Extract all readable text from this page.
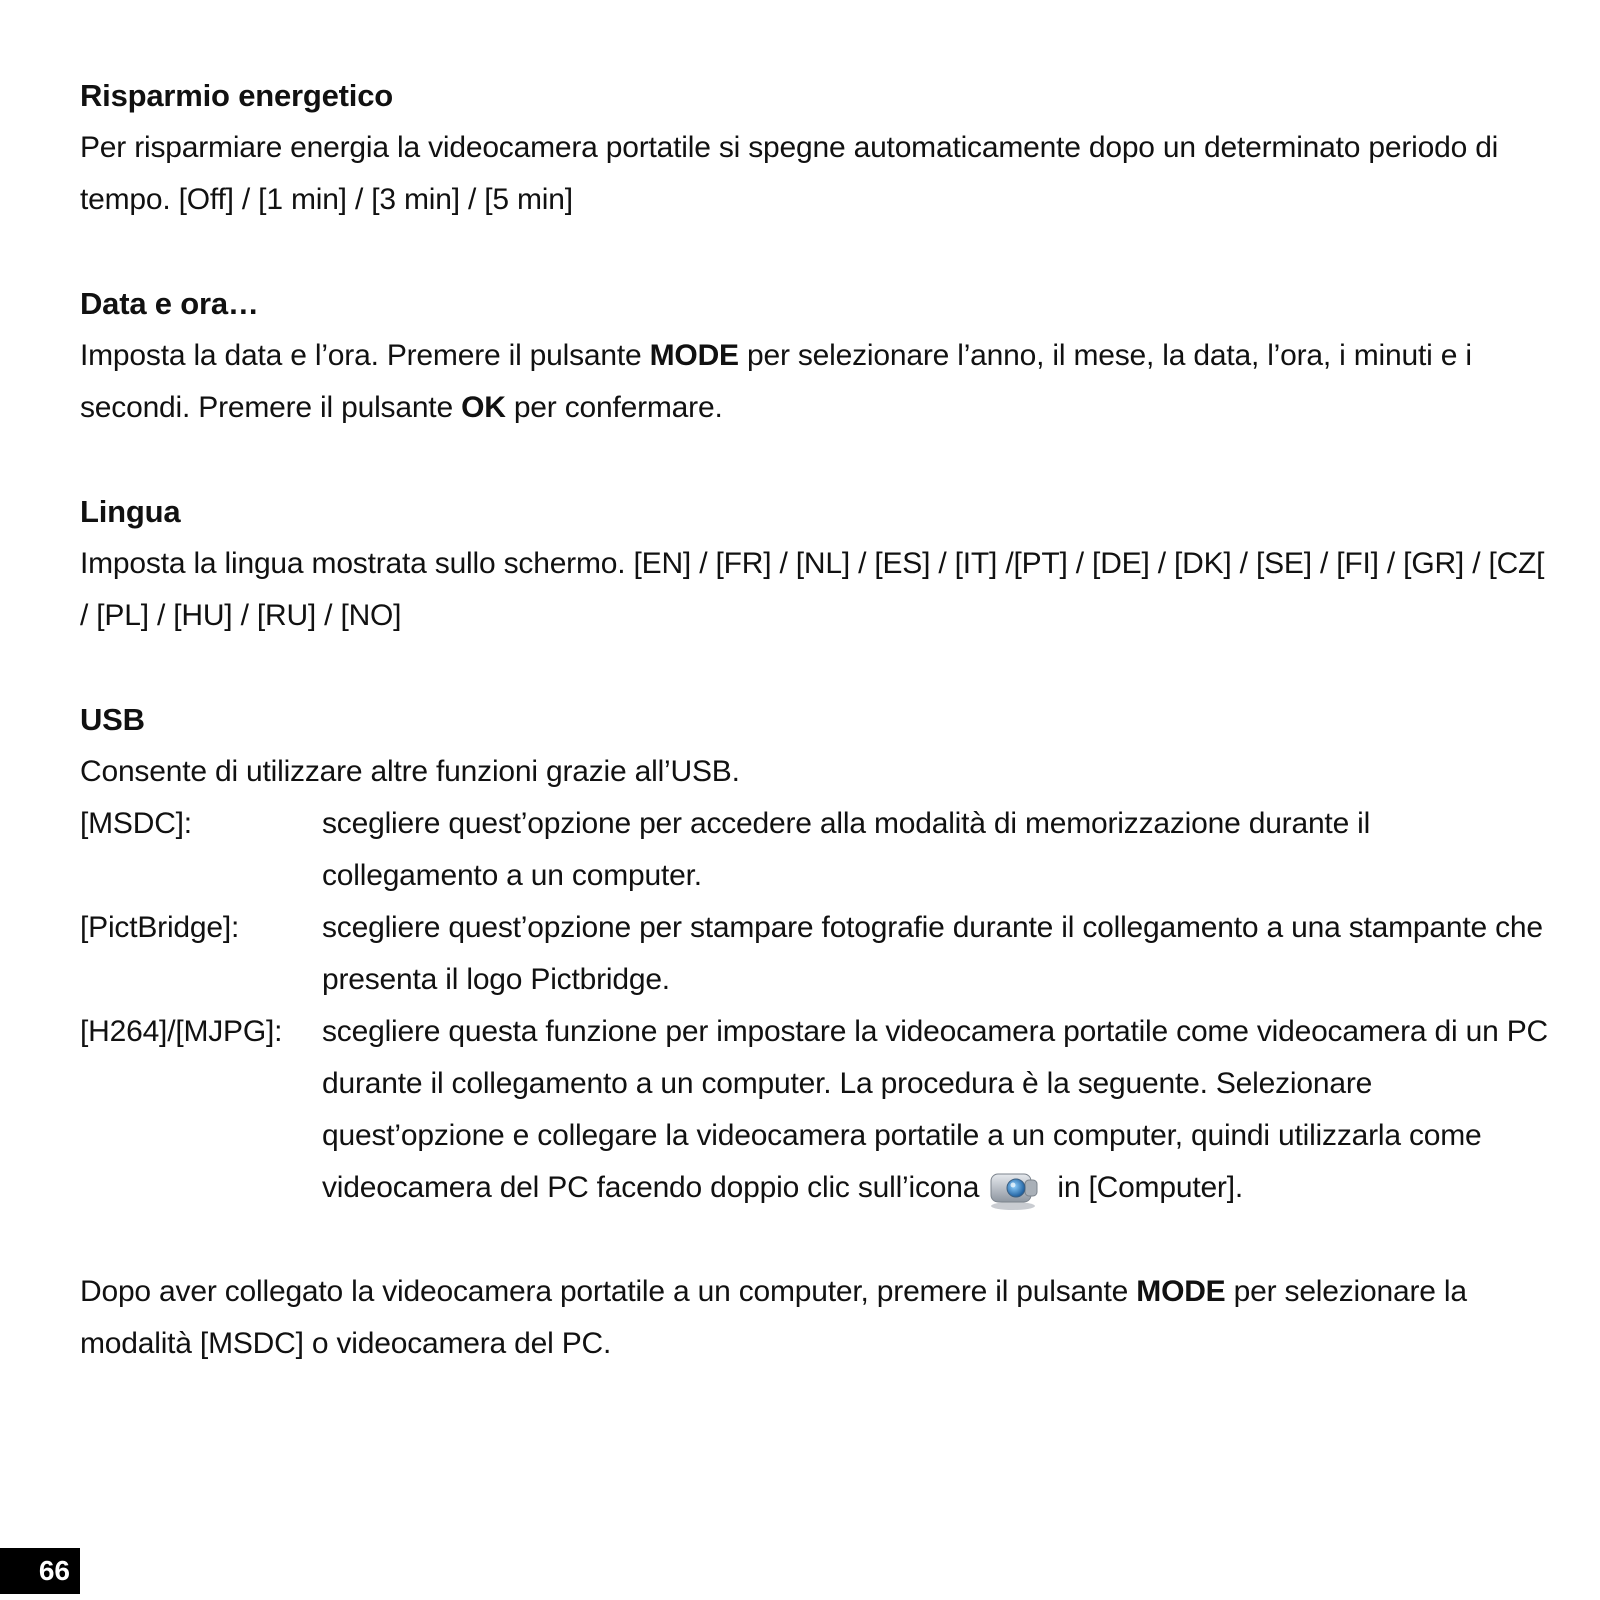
Risparmio energetico

Per risparmiare energia la videocamera portatile si spegne automaticamente dopo un determinato periodo di tempo. [Off] / [1 min] / [3 min] / [5 min]

Data e ora…

Imposta la data e l’ora. Premere il pulsante MODE per selezionare l’anno, il mese, la data, l’ora, i minuti e i secondi. Premere il pulsante OK per confermare.

Lingua

Imposta la lingua mostrata sullo schermo. [EN] / [FR] / [NL] / [ES] / [IT] /[PT] / [DE] / [DK] / [SE] / [FI] / [GR] / [CZ[ / [PL] / [HU] / [RU] / [NO]

USB

Consente di utilizzare altre funzioni grazie all’USB.

[MSDC]:	scegliere quest’opzione per accedere alla modalità di memorizzazione durante il collegamento a un computer.
[PictBridge]:	scegliere quest’opzione per stampare fotografie durante il collegamento a una stampante che presenta il logo Pictbridge.
[H264]/[MJPG]:	scegliere questa funzione per impostare la videocamera portatile come videocamera di un PC durante il collegamento a un computer. La procedura è la seguente. Selezionare quest’opzione e collegare la videocamera portatile a un computer, quindi utilizzarla come videocamera del PC facendo doppio clic sull’icona in [Computer].

Dopo aver collegato la videocamera portatile a un computer, premere il pulsante MODE per selezionare la modalità [MSDC] o videocamera del PC.

66
